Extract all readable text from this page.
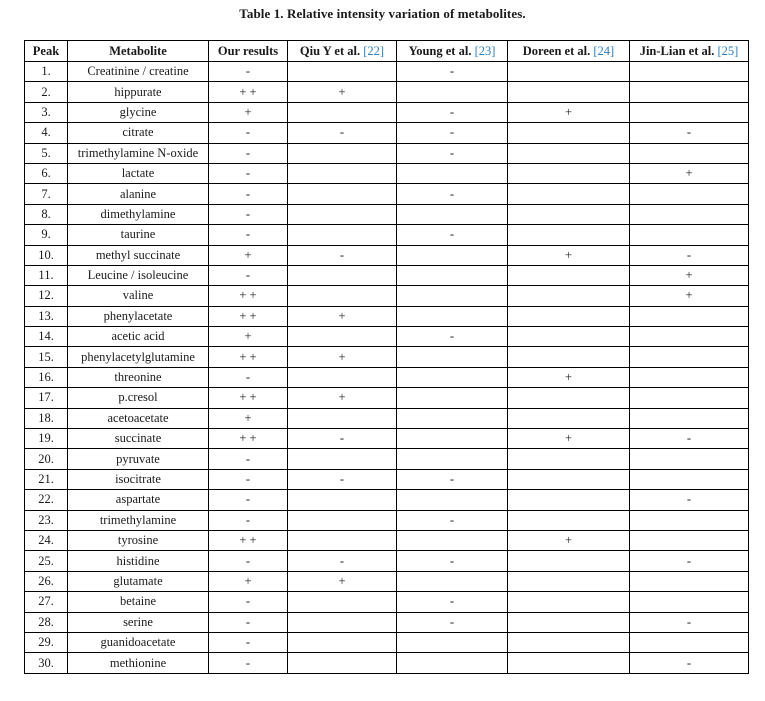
Table 1. Relative intensity variation of metabolites.
Peak	Metabolite	Our results	Qiu Y et al. [22]	Young et al. [23]	Doreen et al. [24]	Jin-Lian et al. [25]
1.	Creatinine / creatine	-		-		
2.	hippurate	+ +	+			
3.	glycine	+		-	+	
4.	citrate	-	-	-		-
5.	trimethylamine N-oxide	-		-		
6.	lactate	-				+
7.	alanine	-		-		
8.	dimethylamine	-				
9.	taurine	-		-		
10.	methyl succinate	+	-		+	-
11.	Leucine / isoleucine	-				+
12.	valine	+ +				+
13.	phenylacetate	+ +	+			
14.	acetic acid	+		-		
15.	phenylacetylglutamine	+ +	+			
16.	threonine	-			+	
17.	p.cresol	+ +	+			
18.	acetoacetate	+				
19.	succinate	+ +	-		+	-
20.	pyruvate	-				
21.	isocitrate	-	-	-		
22.	aspartate	-				-
23.	trimethylamine	-		-		
24.	tyrosine	+ +			+	
25.	histidine	-	-	-		-
26.	glutamate	+	+			
27.	betaine	-		-		
28.	serine	-		-		-
29.	guanidoacetate	-				
30.	methionine	-				-
